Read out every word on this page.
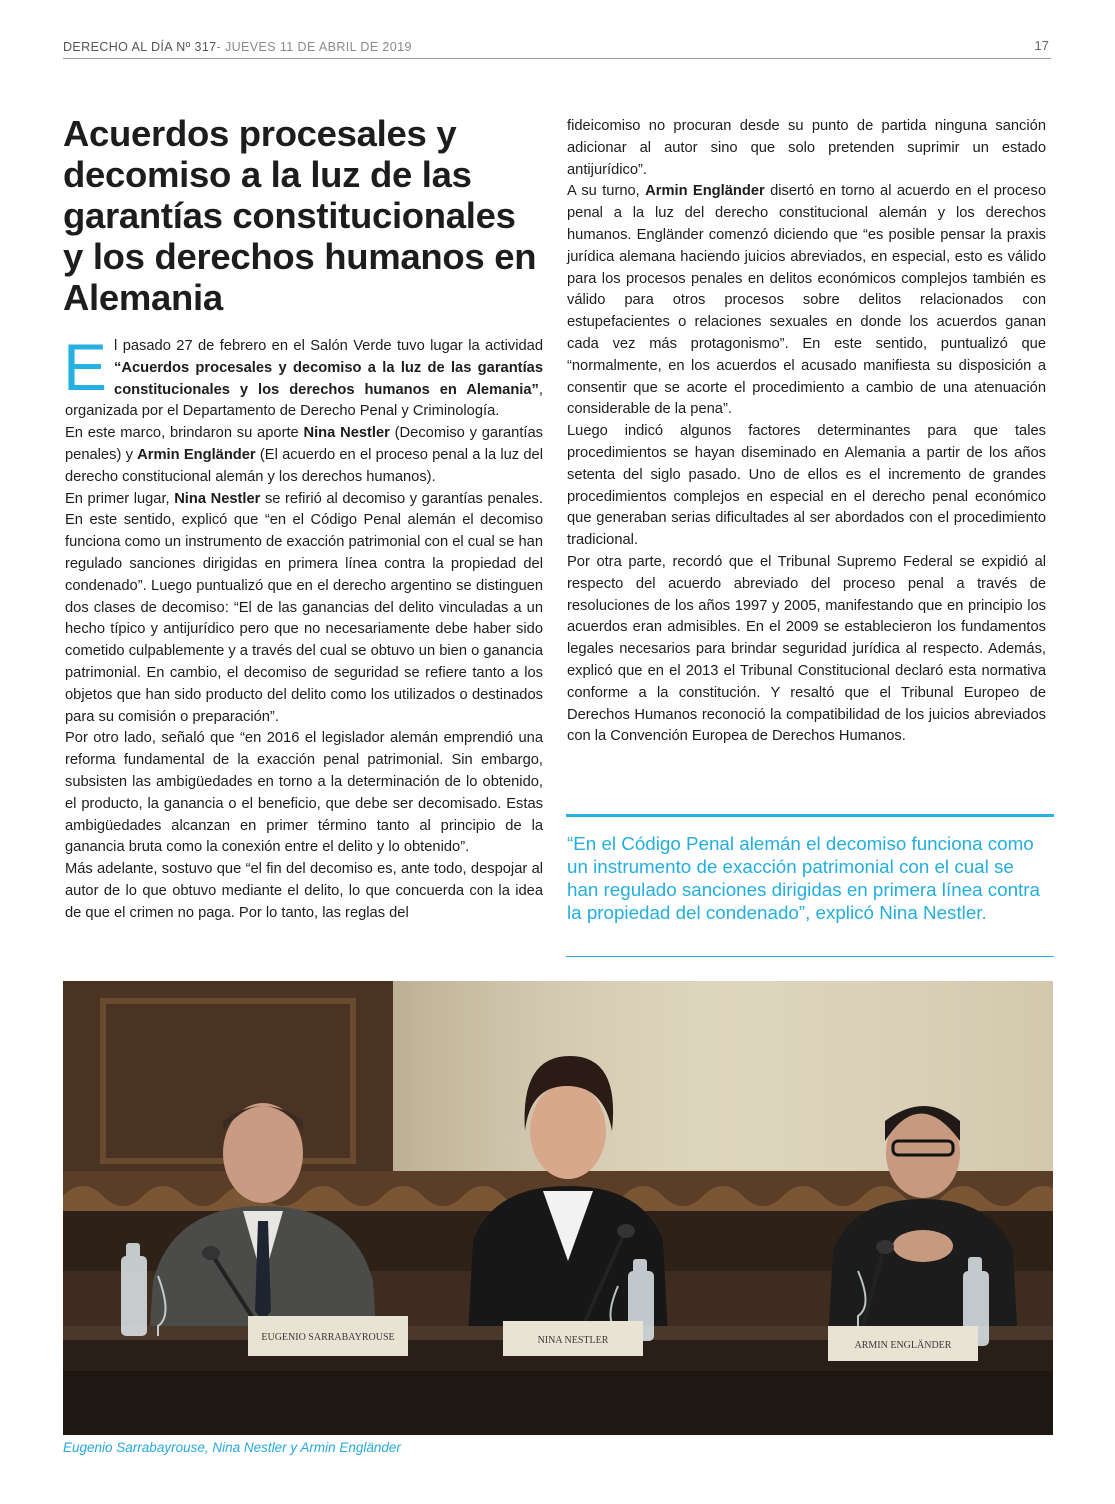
DERECHO AL DÍA Nº 317- JUEVES 11 DE ABRIL DE 2019	17
Acuerdos procesales y decomiso a la luz de las garantías constitucionales y los derechos humanos en Alemania

El pasado 27 de febrero en el Salón Verde tuvo lugar la actividad “Acuerdos procesales y decomiso a la luz de las garantías constitucionales y los derechos humanos en Alemania”, organizada por el Departamento de Derecho Penal y Criminología.

En este marco, brindaron su aporte Nina Nestler (Decomiso y garantías penales) y Armin Engländer (El acuerdo en el proceso penal a la luz del derecho constitucional alemán y los derechos humanos).

En primer lugar, Nina Nestler se refirió al decomiso y garantías penales. En este sentido, explicó que “en el Código Penal alemán el decomiso funciona como un instrumento de exacción patrimonial con el cual se han regulado sanciones dirigidas en primera línea contra la propiedad del condenado”. Luego puntualizó que en el derecho argentino se distinguen dos clases de decomiso: “El de las ganancias del delito vinculadas a un hecho típico y antijurídico pero que no necesariamente debe haber sido cometido culpablemente y a través del cual se obtuvo un bien o ganancia patrimonial. En cambio, el decomiso de seguridad se refiere tanto a los objetos que han sido producto del delito como los utilizados o destinados para su comisión o preparación”.

Por otro lado, señaló que “en 2016 el legislador alemán emprendió una reforma fundamental de la exacción penal patrimonial. Sin embargo, subsisten las ambigüedades en torno a la determinación de lo obtenido, el producto, la ganancia o el beneficio, que debe ser decomisado. Estas ambigüedades alcanzan en primer término tanto al principio de la ganancia bruta como la conexión entre el delito y lo obtenido”.

Más adelante, sostuvo que “el fin del decomiso es, ante todo, despojar al autor de lo que obtuvo mediante el delito, lo que concuerda con la idea de que el crimen no paga. Por lo tanto, las reglas del

fideicomiso no procuran desde su punto de partida ninguna sanción adicionar al autor sino que solo pretenden suprimir un estado antijurídico”.

A su turno, Armin Engländer disertó en torno al acuerdo en el proceso penal a la luz del derecho constitucional alemán y los derechos humanos. Engländer comenzó diciendo que “es posible pensar la praxis jurídica alemana haciendo juicios abreviados, en especial, esto es válido para los procesos penales en delitos económicos complejos también es válido para otros procesos sobre delitos relacionados con estupefacientes o relaciones sexuales en donde los acuerdos ganan cada vez más protagonismo”. En este sentido, puntualizó que “normalmente, en los acuerdos el acusado manifiesta su disposición a consentir que se acorte el procedimiento a cambio de una atenuación considerable de la pena”.

Luego indicó algunos factores determinantes para que tales procedimientos se hayan diseminado en Alemania a partir de los años setenta del siglo pasado. Uno de ellos es el incremento de grandes procedimientos complejos en especial en el derecho penal económico que generaban serias dificultades al ser abordados con el procedimiento tradicional.

Por otra parte, recordó que el Tribunal Supremo Federal se expidió al respecto del acuerdo abreviado del proceso penal a través de resoluciones de los años 1997 y 2005, manifestando que en principio los acuerdos eran admisibles. En el 2009 se establecieron los fundamentos legales necesarios para brindar seguridad jurídica al respecto. Además, explicó que en el 2013 el Tribunal Constitucional declaró esta normativa conforme a la constitución. Y resaltó que el Tribunal Europeo de Derechos Humanos reconoció la compatibilidad de los juicios abreviados con la Convención Europea de Derechos Humanos.

“En el Código Penal alemán el decomiso funciona como un instrumento de exacción patrimonial con el cual se han regulado sanciones dirigidas en primera línea contra la propiedad del condenado”, explicó Nina Nestler.

EUGENIO SARRABAYROUSE	NINA NESTLER	ARMIN ENGLÄNDER
Eugenio Sarrabayrouse, Nina Nestler y Armin Engländer
